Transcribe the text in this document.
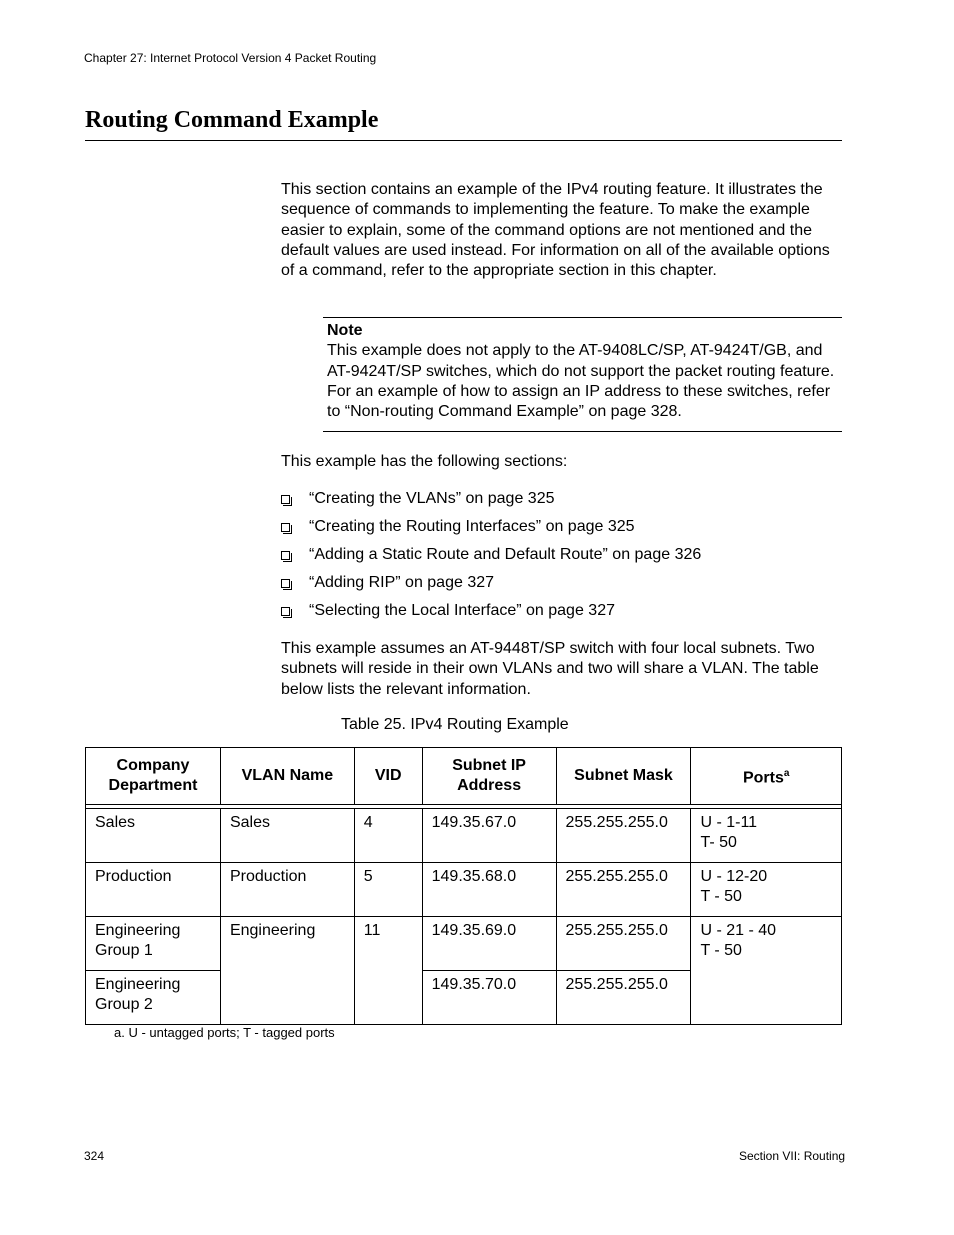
Chapter 27: Internet Protocol Version 4 Packet Routing
Routing Command Example
This section contains an example of the IPv4 routing feature. It illustrates the sequence of commands to implementing the feature. To make the example easier to explain, some of the command options are not mentioned and the default values are used instead. For information on all of the available options of a command, refer to the appropriate section in this chapter.
Note
This example does not apply to the AT-9408LC/SP, AT-9424T/GB, and AT-9424T/SP switches, which do not support the packet routing feature. For an example of how to assign an IP address to these switches, refer to “Non-routing Command Example” on page 328.
This example has the following sections:
“Creating the VLANs” on page 325
“Creating the Routing Interfaces” on page 325
“Adding a Static Route and Default Route” on page 326
“Adding RIP” on page 327
“Selecting the Local Interface” on page 327
This example assumes an AT-9448T/SP switch with four local subnets. Two subnets will reside in their own VLANs and two will share a VLAN. The table below lists the relevant information.
Table 25. IPv4 Routing Example
Company Department	VLAN Name	VID	Subnet IP Address	Subnet Mask	Ports$^a$

Sales	Sales	4	149.35.67.0	255.255.255.0	U - 1-11
T- 50

Production	Production	5	149.35.68.0	255.255.255.0	U - 12-20
T - 50

Engineering Group 1	Engineering	11	149.35.69.0	255.255.255.0	U - 21 - 40
T - 50

Engineering Group 2			149.35.70.0	255.255.255.0	
a. U - untagged ports; T - tagged ports
324	Section VII: Routing
